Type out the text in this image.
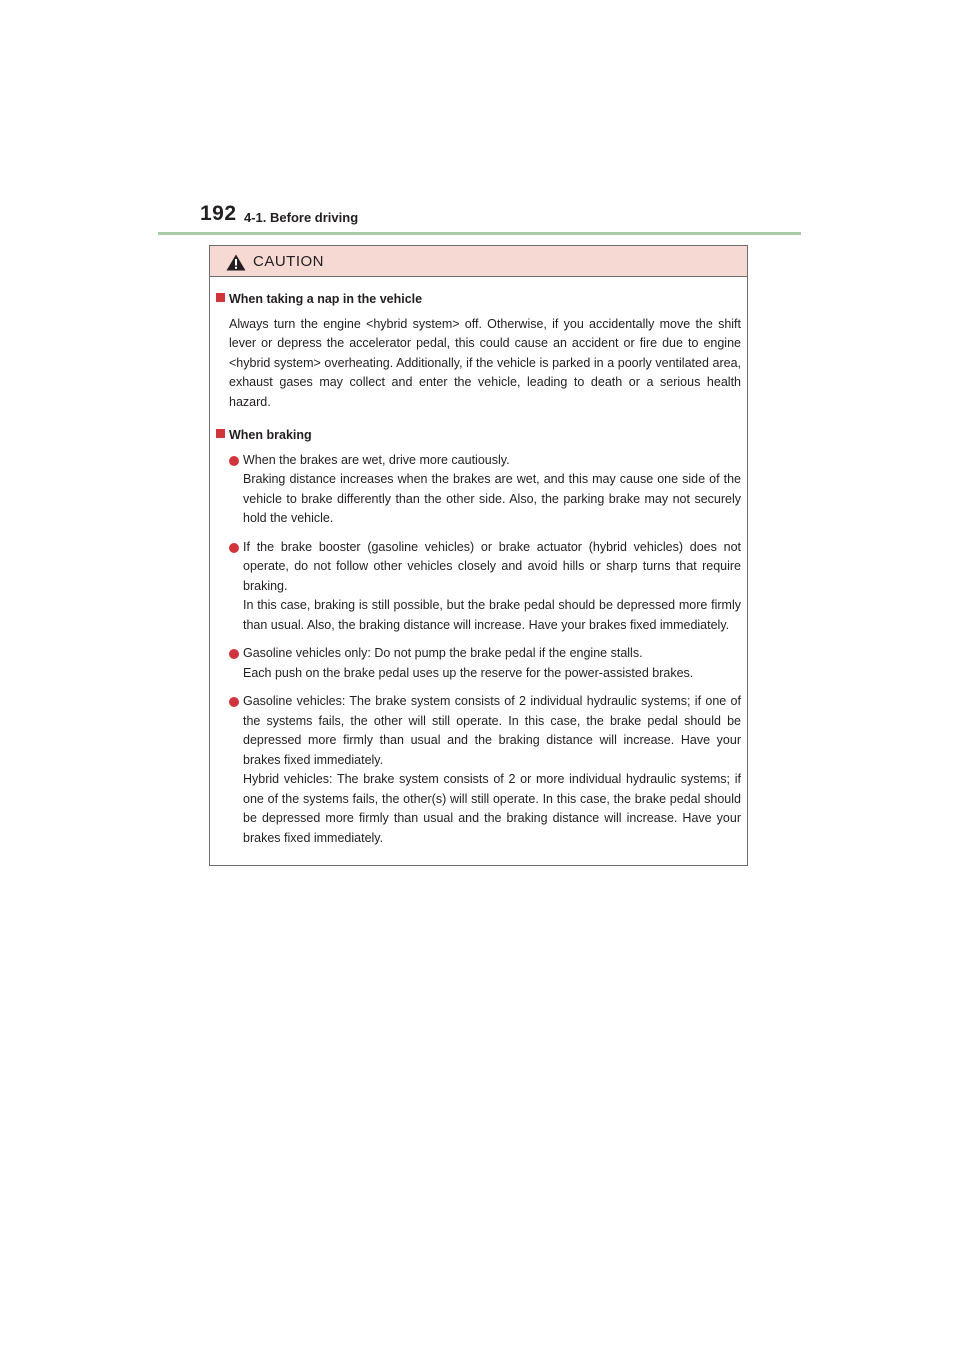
192 4-1. Before driving
CAUTION
When taking a nap in the vehicle

Always turn the engine <hybrid system> off. Otherwise, if you accidentally move the shift lever or depress the accelerator pedal, this could cause an accident or fire due to engine <hybrid system> overheating. Additionally, if the vehicle is parked in a poorly ventilated area, exhaust gases may collect and enter the vehicle, leading to death or a serious health hazard.

When braking
When the brakes are wet, drive more cautiously.
Braking distance increases when the brakes are wet, and this may cause one side of the vehicle to brake differently than the other side. Also, the parking brake may not securely hold the vehicle.
If the brake booster (gasoline vehicles) or brake actuator (hybrid vehicles) does not operate, do not follow other vehicles closely and avoid hills or sharp turns that require braking.
In this case, braking is still possible, but the brake pedal should be depressed more firmly than usual. Also, the braking distance will increase. Have your brakes fixed immediately.
Gasoline vehicles only: Do not pump the brake pedal if the engine stalls.
Each push on the brake pedal uses up the reserve for the power-assisted brakes.
Gasoline vehicles: The brake system consists of 2 individual hydraulic systems; if one of the systems fails, the other will still operate. In this case, the brake pedal should be depressed more firmly than usual and the braking distance will increase. Have your brakes fixed immediately.
Hybrid vehicles: The brake system consists of 2 or more individual hydraulic systems; if one of the systems fails, the other(s) will still operate. In this case, the brake pedal should be depressed more firmly than usual and the braking distance will increase. Have your brakes fixed immediately.
